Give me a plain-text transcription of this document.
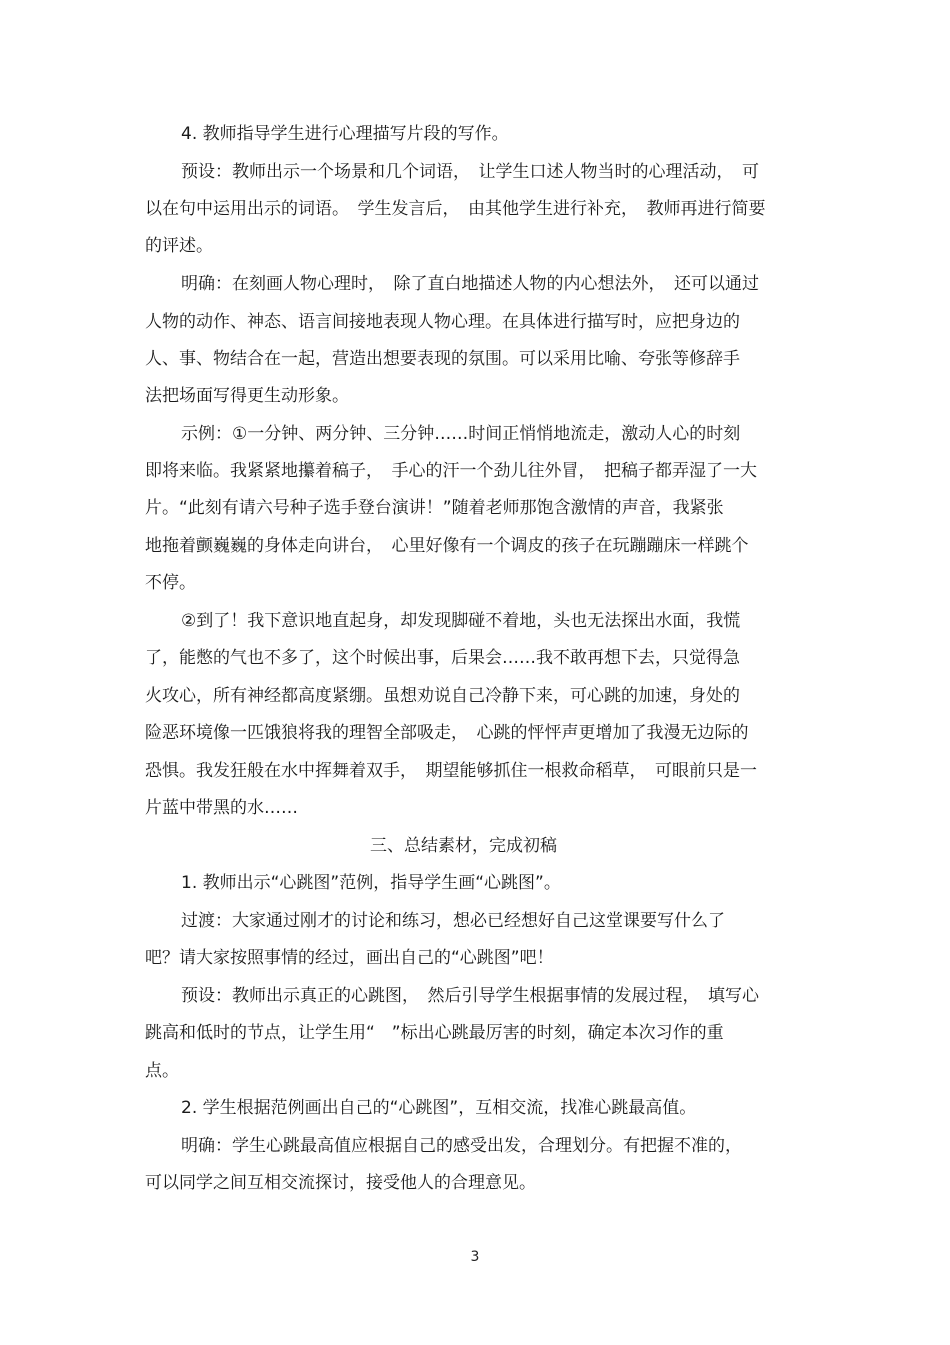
4. 教师指导学生进行心理描写片段的写作。
预设：教师出示一个场景和几个词语，　让学生口述人物当时的心理活动，　可
以在句中运用出示的词语。　学生发言后，　由其他学生进行补充，　教师再进行简要
的评述。
明确：在刻画人物心理时，　除了直白地描述人物的内心想法外，　还可以通过
人物的动作、神态、语言间接地表现人物心理。在具体进行描写时，应把身边的
人、事、物结合在一起，营造出想要表现的氛围。可以采用比喻、夸张等修辞手
法把场面写得更生动形象。
示例：①一分钟、两分钟、三分钟……时间正悄悄地流走，激动人心的时刻
即将来临。我紧紧地攥着稿子，　手心的汗一个劲儿往外冒，　把稿子都弄湿了一大
片。“此刻有请六号种子选手登台演讲！”随着老师那饱含激情的声音，我紧张
地拖着颤巍巍的身体走向讲台，　心里好像有一个调皮的孩子在玩蹦蹦床一样跳个
不停。
②到了！我下意识地直起身，却发现脚碰不着地，头也无法探出水面，我慌
了，能憋的气也不多了，这个时候出事，后果会……我不敢再想下去，只觉得急
火攻心，所有神经都高度紧绷。虽想劝说自己冷静下来，可心跳的加速，身处的
险恶环境像一匹饿狼将我的理智全部吸走，　心跳的怦怦声更增加了我漫无边际的
恐惧。我发狂般在水中挥舞着双手，　期望能够抓住一根救命稻草，　可眼前只是一
片蓝中带黑的水……
三、总结素材，完成初稿
1. 教师出示“心跳图”范例，指导学生画“心跳图”。
过渡：大家通过刚才的讨论和练习，想必已经想好自己这堂课要写什么了
吧？请大家按照事情的经过，画出自己的“心跳图”吧！
预设：教师出示真正的心跳图，　然后引导学生根据事情的发展过程，　填写心
跳高和低时的节点，让学生用“　”标出心跳最厉害的时刻，确定本次习作的重
点。
2. 学生根据范例画出自己的“心跳图”，互相交流，找准心跳最高值。
明确：学生心跳最高值应根据自己的感受出发，合理划分。有把握不准的，
可以同学之间互相交流探讨，接受他人的合理意见。
3
